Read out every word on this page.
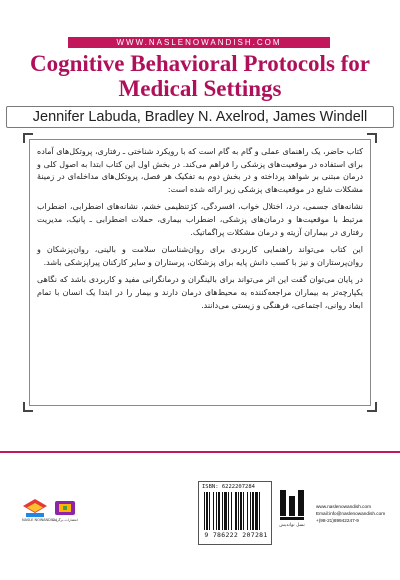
WWW.NASLENOWANDISH.COM
Cognitive Behavioral Protocols for
Medical Settings
Jennifer Labuda, Bradley N. Axelrod, James Windell

کتاب حاضر، یک راهنمای عملی و گام به گام است که با رویکرد شناختی ـ رفتاری، پروتکل‌های آماده برای استفاده در موقعیت‌های پزشکی را فراهم می‌کند. در بخش اول این کتاب ابتدا به اصول کلی و درمان مبتنی بر شواهد پرداخته و در بخش دوم به تفکیک هر فصل، پروتکل‌های مداخله‌ای در زمینهٔ مشکلات شایع در موقعیت‌های پزشکی زیر ارائه شده است:

نشانه‌های جسمی، درد، اختلال خواب، افسردگی، کژتنظیمی خشم، نشانه‌های اضطرابی، اضطراب مرتبط با موقعیت‌ها و درمان‌های پزشکی، اضطراب بیماری، حملات اضطرابی ـ پانیک، مدیریت رفتاری در بیماران آزیته و درمان مشکلات پراگماتیک.

این کتاب می‌تواند راهنمایی کاربردی برای روان‌شناسان سلامت و بالینی، روان‌پزشکان و روان‌پرستاران و نیز با کسب دانش پایه برای پزشکان، پرستاران و سایر کارکنان پیراپزشکی باشد.

در پایان می‌توان گفت این اثر می‌تواند برای بالینگران و درمانگرانی مفید و کاربردی باشد که نگاهی یکپارچه‌تر به بیماران مراجعه‌کننده به محیط‌های درمان دارند و بیمار را در ابتدا یک انسان با تمام ابعاد روانی، اجتماعی، فرهنگی و زیستی می‌دانند.

NASLE NOWANDISH
انتشارات برگزیده
ISBN: 6222207284
9 786222 207281
نسل نواندیش
www.naslenowandish.com
Email:info@naslenowandish.com
+(98-21)89942247-9
